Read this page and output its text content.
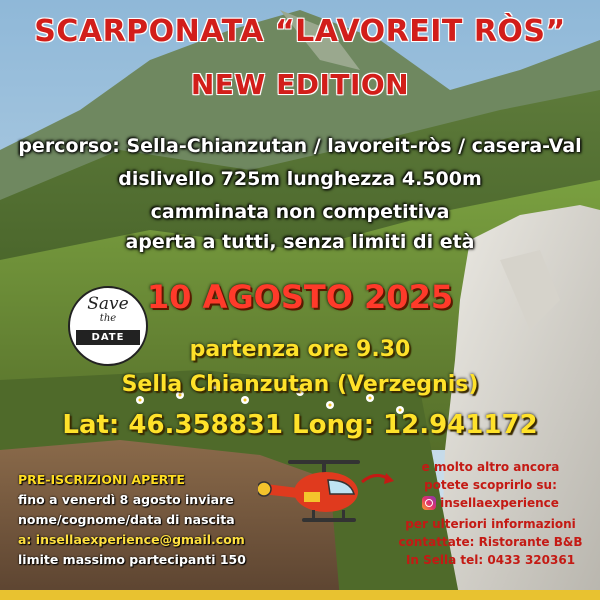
SCARPONATA “LAVOREIT RÒS”
NEW EDITION
percorso: Sella-Chianzutan / lavoreit-ròs / casera-Val
dislivello 725m lunghezza 4.500m
camminata non competitiva
aperta a tutti, senza limiti di età
Save
the
DATE
10 AGOSTO 2025
partenza ore 9.30
Sella Chianzutan (Verzegnis)
Lat: 46.358831 Long: 12.941172
PRE-ISCRIZIONI APERTE
fino a venerdì 8 agosto inviare
nome/cognome/data di nascita
a: insellaexperience@gmail.com
limite massimo partecipanti 150
e molto altro ancora
potete scoprirlo su:
insellaexperience
per ulteriori informazioni
contattate: Ristorante B&B
In Sella tel: 0433 320361
